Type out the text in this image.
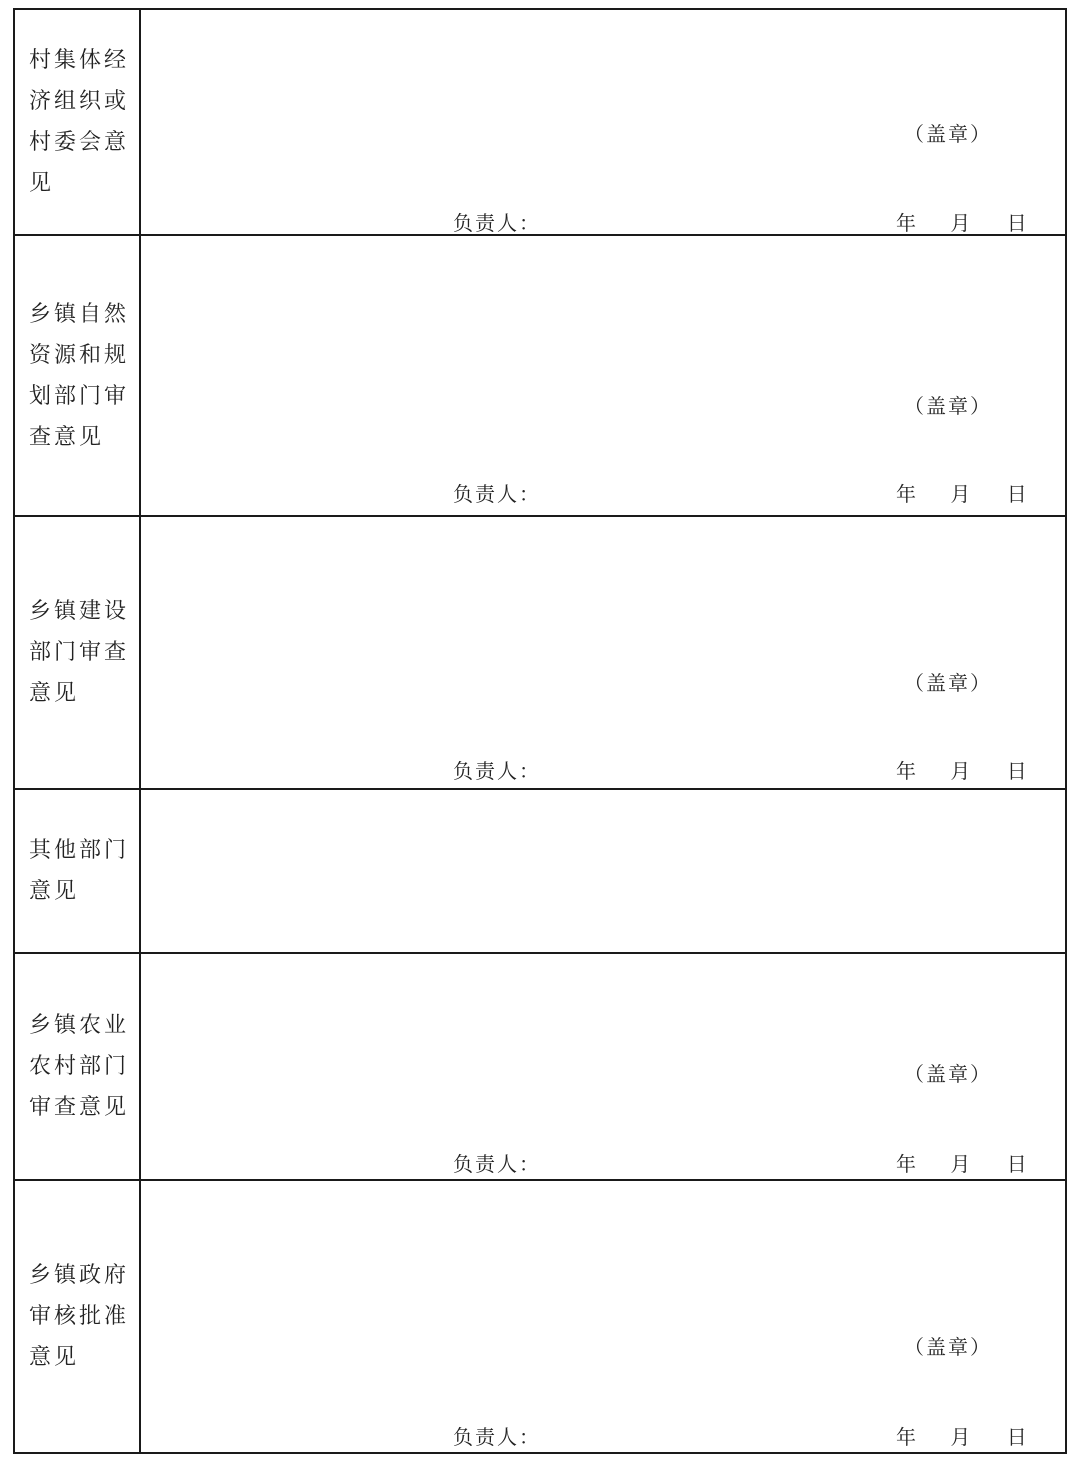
村集体经济组织或村委会意见
（盖章）
负责人：	年 月 日
乡镇自然资源和规划部门审查意见
（盖章）
负责人：	年 月 日
乡镇建设部门审查意见	（盖章）
负责人：	年 月 日
其他部门意见
乡镇农业农村部门审查意见
（盖章）
负责人：	年 月 日
乡镇政府审核批准意见	（盖章）
负责人：	年 月 日
